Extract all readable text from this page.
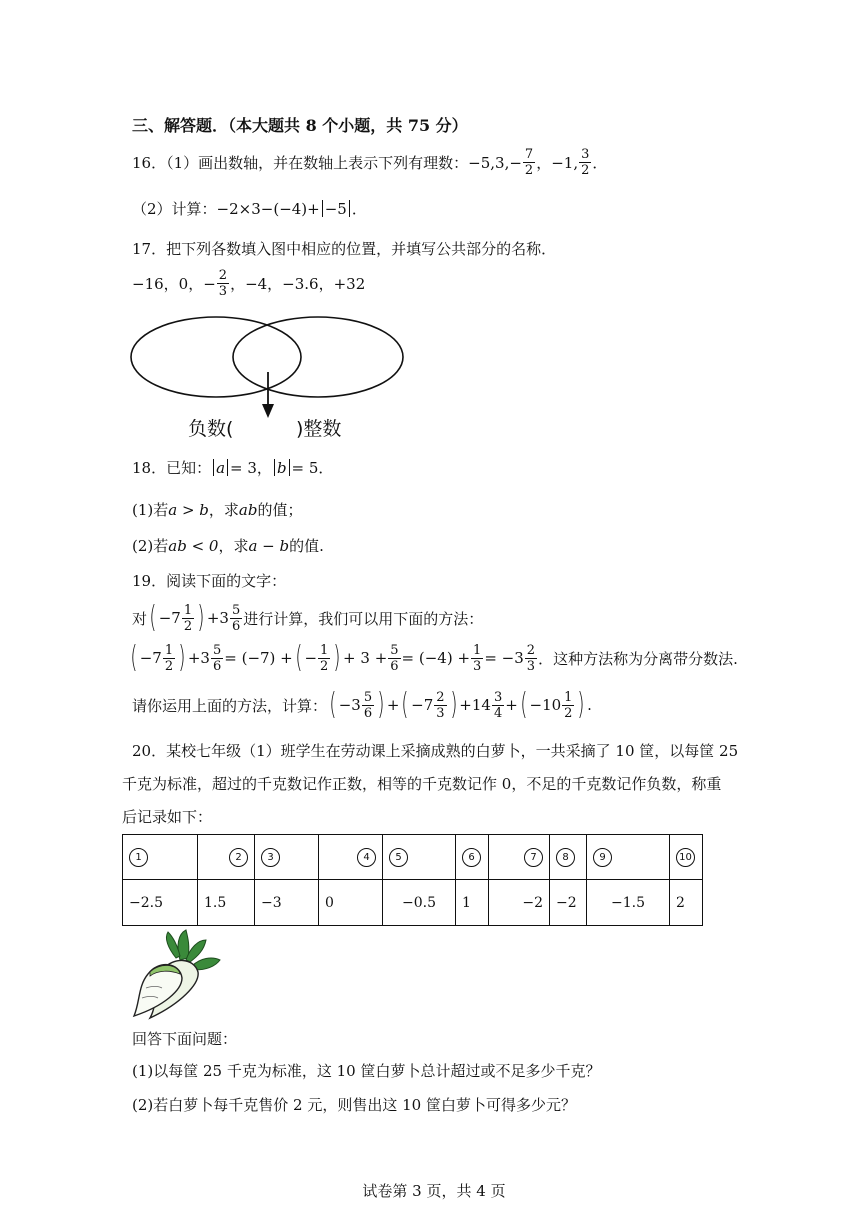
三、解答题．（本大题共 8 个小题，共 75 分）
16．（1）画出数轴，并在数轴上表示下列有理数： $-5,3,- \frac{7}{2}$ ， −1, $\frac{3}{2}$ ．
（2）计算： −2×3−(−4)+ −5 ．
17．把下列各数填入图中相应的位置，并填写公共部分的名称．
−16，0，− $\frac{2}{3}$ ，−4，−3.6，+32
负数(	)整数
18．已知： a = 3， b = 5．
(1)若 a > b ，求 ab 的值；
(2)若 ab < 0 ，求 a − b 的值.
19．阅读下面的文字：
对 ( $-7 \frac{1}{2}$ ) $+3 \frac{5}{6}$ 进行计算，我们可以用下面的方法：
( $-7 \frac{1}{2}$ ) $+3 \frac{5}{6} = (-7)$ + ( − $\frac{1}{2}$ ) + $3 + \frac{5}{6} = (-4) + \frac{1}{3} = -3 \frac{2}{3}$ ．这种方法称为分离带分数法.
请你运用上面的方法，计算： ( $-3 \frac{5}{6}$ ) + ( $-7 \frac{2}{3}$ ) $+14 \frac{3}{4}$ + ( $-10 \frac{1}{2}$ ) .
20．某校七年级（1）班学生在劳动课上采摘成熟的白萝卜，一共采摘了 10 筐，以每筐 25
千克为标准，超过的千克数记作正数，相等的千克数记作 0，不足的千克数记作负数，称重
后记录如下：
1	2	3	4	5	6	7	8	9	10
−2.5	1.5	−3	0	−0.5	1	−2	−2	−1.5	2
回答下面问题：
(1)以每筐 25 千克为标准，这 10 筐白萝卜总计超过或不足多少千克？
(2)若白萝卜每千克售价 2 元，则售出这 10 筐白萝卜可得多少元？
试卷第 3 页，共 4 页
